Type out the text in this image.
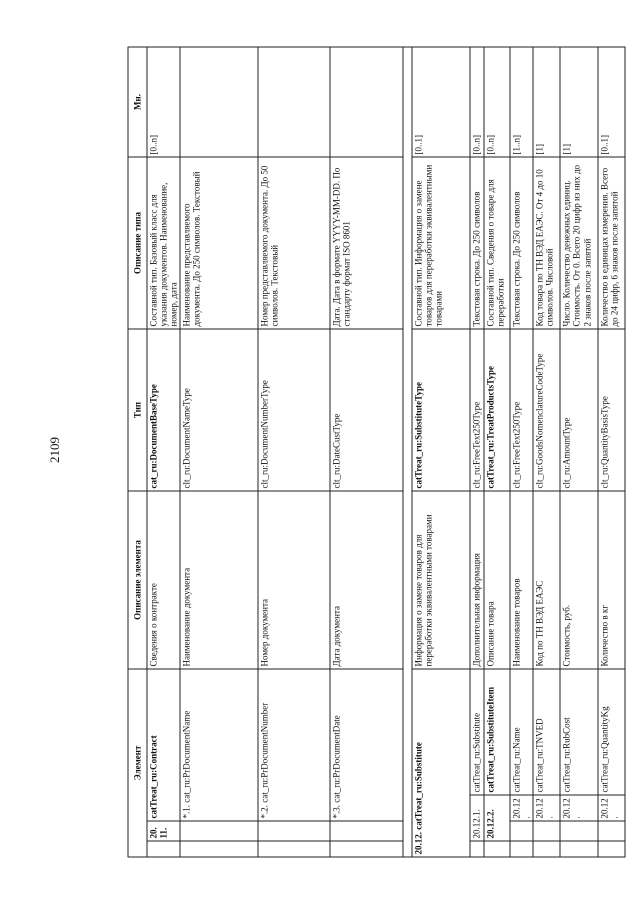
2109
Элемент				Описание элемента	Тип	Описание типа	Мн.
	20.11.	catTreat_ru:Contract		Сведения о контракте	cat_ru:DocumentBaseType	Составной тип. Базовый класс для указания документов. Наименование, номер, дата	[0..n]
		*.1. cat_ru:PrDocumentName		Наименование документа	clt_ru:DocumentNameType	Наименование представляемого документа. До 250 символов. Текстовый	
		*.2. cat_ru:PrDocumentNumber		Номер документа	clt_ru:DocumentNumberType	Номер представляемого документа. До 50 символов. Текстовый	
		*.3. cat_ru:PrDocumentDate		Дата документа	clt_ru:DateCustType	Дата. Дата в формате YYYY-MM-DD. По стандарту формат ISO 8601	

20.12. catTreat_ru:Substitute				Информация о замене товаров для переработки эквивалентными товарами	catTreat_ru:SubstituteType	Составной тип. Информация о замене товаров для переработки эквивалентными товарами	[0..1]
	20.12.1.		catTreat_ru:Substitute	Дополнительная информация	clt_ru:FreeText250Type	Текстовая строка. До 250 символов	[0..n]
	20.12.2.		catTreat_ru:SubstituteItem	Описание товара	catTreat_ru:TreatProductsType	Составной тип. Сведения о товаре для переработки	[0..n]
		20.12.	catTreat_ru:Name	Наименование товаров	clt_ru:FreeText250Type	Текстовая строка. До 250 символов	[1..n]
		20.12.	catTreat_ru:TNVED	Код по ТН ВЭД ЕАЭС	clt_ru:GoodsNomenclatureCodeType	Код товара по ТН ВЭД ЕАЭС. От 4 до 10 символов. Числовой	[1]
		20.12.	catTreat_ru:RubCost	Стоимость, руб.	clt_ru:AmountType	Число. Количество денежных единиц. Стоимость. От 0. Всего 20 цифр из них до 2 знаков после запятой	[1]
		20.12.	catTreat_ru:QuantityKg	Количество в кг	clt_ru:QuantityBasisType	Количество в единицах измерения. Всего до 24 цифр, 6 знаков после запятой	[0..1]
